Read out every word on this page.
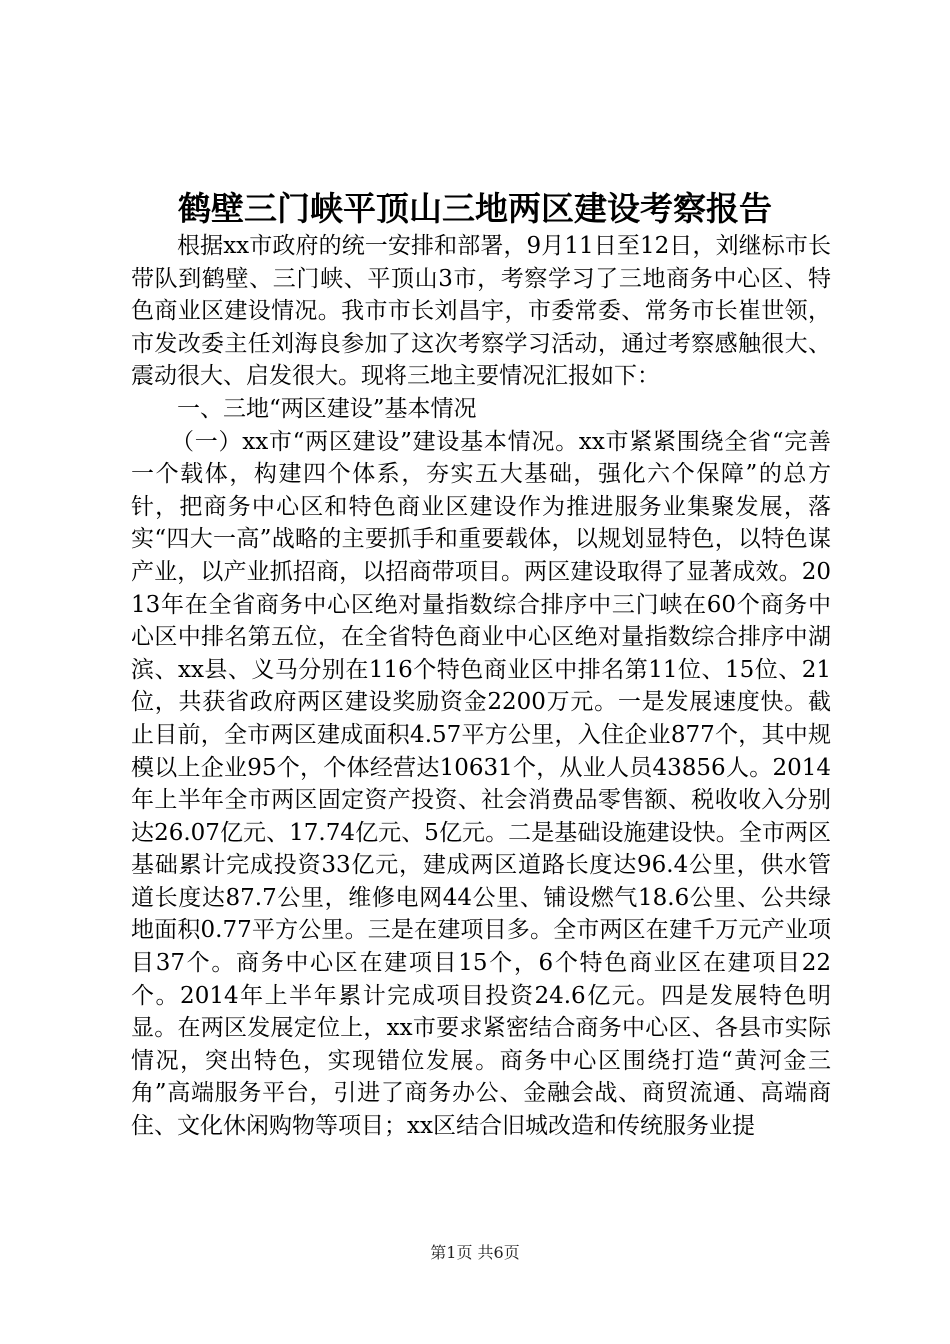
鹤壁三门峡平顶山三地两区建设考察报告

根据xx市政府的统一安排和部署，9月11日至12日，刘继标市长带队到鹤壁、三门峡、平顶山3市，考察学习了三地商务中心区、特色商业区建设情况。我市市长刘昌宇，市委常委、常务市长崔世领，市发改委主任刘海良参加了这次考察学习活动，通过考察感触很大、震动很大、启发很大。现将三地主要情况汇报如下：

一、三地“两区建设”基本情况

（一）xx市“两区建设”建设基本情况。xx市紧紧围绕全省“完善一个载体，构建四个体系，夯实五大基础，强化六个保障”的总方针，把商务中心区和特色商业区建设作为推进服务业集聚发展，落实“四大一高”战略的主要抓手和重要载体，以规划显特色，以特色谋产业，以产业抓招商，以招商带项目。两区建设取得了显著成效。2013年在全省商务中心区绝对量指数综合排序中三门峡在60个商务中心区中排名第五位，在全省特色商业中心区绝对量指数综合排序中湖滨、xx县、义马分别在116个特色商业区中排名第11位、15位、21位，共获省政府两区建设奖励资金2200万元。一是发展速度快。截止目前，全市两区建成面积4.57平方公里，入住企业877个，其中规模以上企业95个，个体经营达10631个，从业人员43856人。2014年上半年全市两区固定资产投资、社会消费品零售额、税收收入分别达26.07亿元、17.74亿元、5亿元。二是基础设施建设快。全市两区基础累计完成投资33亿元，建成两区道路长度达96.4公里，供水管道长度达87.7公里，维修电网44公里、铺设燃气18.6公里、公共绿地面积0.77平方公里。三是在建项目多。全市两区在建千万元产业项目37个。商务中心区在建项目15个，6个特色商业区在建项目22个。2014年上半年累计完成项目投资24.6亿元。四是发展特色明显。在两区发展定位上，xx市要求紧密结合商务中心区、各县市实际情况，突出特色，实现错位发展。商务中心区围绕打造“黄河金三角”高端服务平台，引进了商务办公、金融会战、商贸流通、高端商住、文化休闲购物等项目；xx区结合旧城改造和传统服务业提

第1页 共6页
